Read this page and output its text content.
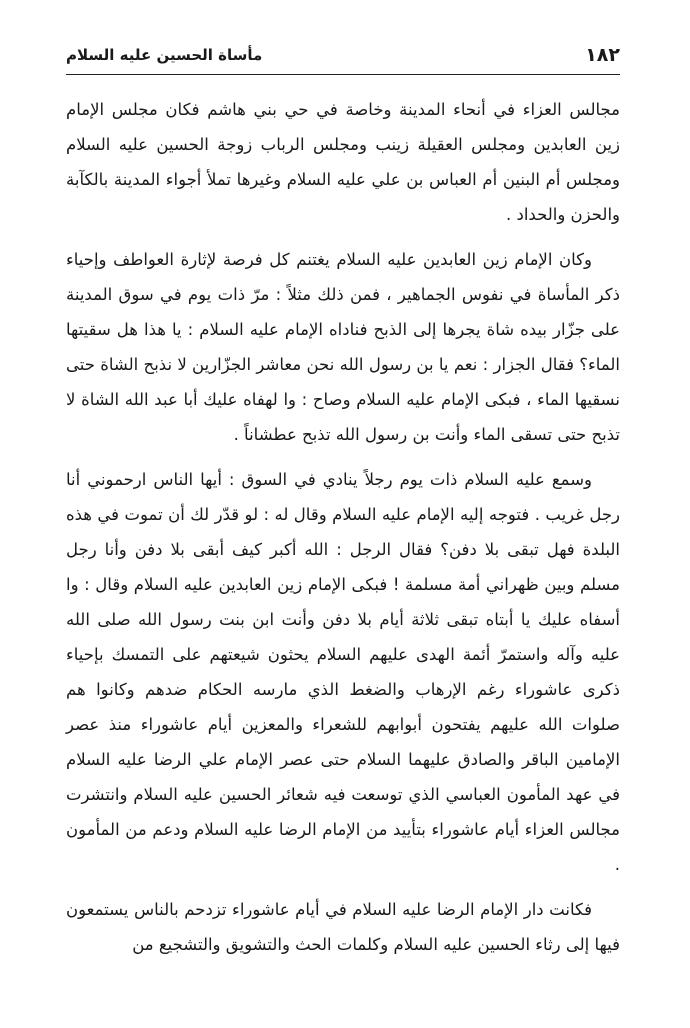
١٨٢
مأساة الحسين عليه السلام

مجالس العزاء في أنحاء المدينة وخاصة في حي بني هاشم فكان مجلس الإمام زين العابدين ومجلس العقيلة زينب ومجلس الرباب زوجة الحسين عليه السلام ومجلس أم البنين أم العباس بن علي عليه السلام وغيرها تملأ أجواء المدينة بالكآبة والحزن والحداد .

وكان الإمام زين العابدين عليه السلام يغتنم كل فرصة لإثارة العواطف وإحياء ذكر المأساة في نفوس الجماهير ، فمن ذلك مثلاً : مرّ ذات يوم في سوق المدينة على جزّار بيده شاة يجرها إلى الذبح فناداه الإمام عليه السلام : يا هذا هل سقيتها الماء؟ فقال الجزار : نعم يا بن رسول الله نحن معاشر الجزّارين لا نذبح الشاة حتى نسقيها الماء ، فبكى الإمام عليه السلام وصاح : وا لهفاه عليك أبا عبد الله الشاة لا تذبح حتى تسقى الماء وأنت بن رسول الله تذبح عطشاناً .

وسمع عليه السلام ذات يوم رجلاً ينادي في السوق : أيها الناس ارحموني أنا رجل غريب . فتوجه إليه الإمام عليه السلام وقال له : لو قدّر لك أن تموت في هذه البلدة فهل تبقى بلا دفن؟ فقال الرجل : الله أكبر كيف أبقى بلا دفن وأنا رجل مسلم وبين ظهراني أمة مسلمة ! فبكى الإمام زين العابدين عليه السلام وقال : وا أسفاه عليك يا أبتاه تبقى ثلاثة أيام بلا دفن وأنت ابن بنت رسول الله صلى الله عليه وآله واستمرّ أئمة الهدى عليهم السلام يحثون شيعتهم على التمسك بإحياء ذكرى عاشوراء رغم الإرهاب والضغط الذي مارسه الحكام ضدهم وكانوا هم صلوات الله عليهم يفتحون أبوابهم للشعراء والمعزين أيام عاشوراء منذ عصر الإمامين الباقر والصادق عليهما السلام حتى عصر الإمام علي الرضا عليه السلام في عهد المأمون العباسي الذي توسعت فيه شعائر الحسين عليه السلام وانتشرت مجالس العزاء أيام عاشوراء بتأييد من الإمام الرضا عليه السلام ودعم من المأمون .

فكانت دار الإمام الرضا عليه السلام في أيام عاشوراء تزدحم بالناس يستمعون فيها إلى رثاء الحسين عليه السلام وكلمات الحث والتشويق والتشجيع من
